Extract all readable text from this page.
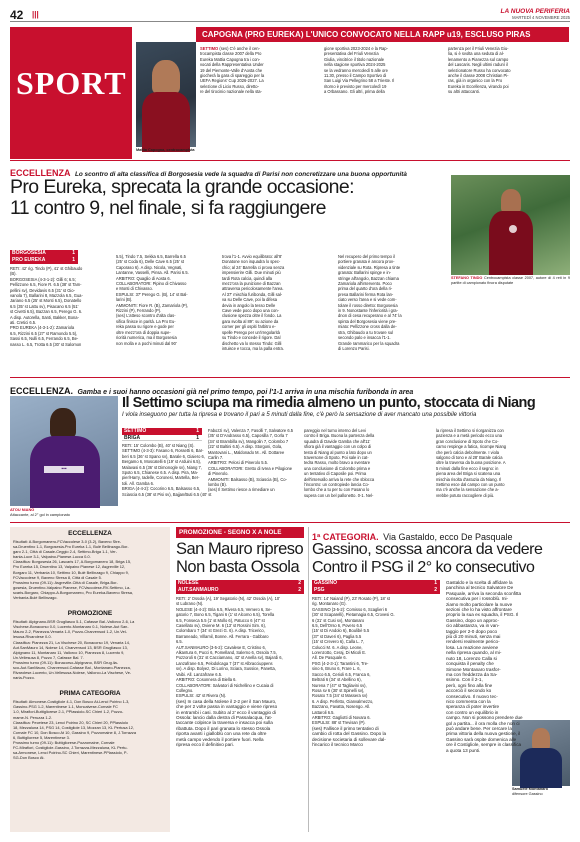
42 |||	LA NUOVA PERIFERIA
MARTEDÌ 4 NOVEMBRE 2025
SPORT
CAPOGNA (PRO EUREKA) L'UNICO CONVOCATO NELLA RAPP u19, ESCLUSO PIRAS
Mattia Capogna, centrocampista
SETTIMO (ses) C'è anche il cen-
trocampista classe 2007 della Pro
Eureka Mattia Capogna tra i con-
vocati della Rappresentativa Under
19 del Piemonte-Valle d'Aosta che
giocherà la gara di spareggio per la
UEFA Regions' Cup 2026-2027. La
selezione di Licio Russo, diretto-
re del tirocinio nazionale nella sta-
gione sportiva 2023-2024 e la Rap-
presentativa del Friuli Venezia
Giulia, vincitrice il titolo nazionale
nella stagione sportiva 2024-2025
se la vedranno mercoledì 5 alle ore
11.30, presso il Campo Sportivo di
San Luigi Via Pellegrino 58 a Trieste. Il
ritorno è previsto per mercoledì 19
a Orbassano. Gli altri, prima della
partenza per il Friuli Venezia Giu-
lia, si è svolta una seduta di al-
lenamento a Pianezza sul campo
del Lascaris. Negli ultimi radunì il
selezionatore Russo ha convocato
anche il classe 2008 Christian Pi-
ras, già in organico con la Pro
Eureka in Eccellenza, virando poi
su altri attaccanti.
ECCELLENZA Lo scontro di alta classifica di Borgosesia vede la squadra di Parisi non concretizzare una buona opportunità
Pro Eureka, sprecata la grande occasione:
11 contro 9, nel finale, si fa raggiungere
STEFANO TINDO Centrocampista classe 2007, autore di 4 reti in 9 partite di campionato finora disputate
BORGOSESIA	1
PRO EUREKA	1
RETI: 42' rig. Tindo (P), 41' st Ghibaudo
(B).
BORGOSESIA (4-3-1-2): Gilli 6; 6.5;
Pellizzone 6.5, Fiore R. 6.5 (38' st Tam-
pellini sv), Devidavis 6.5 (31' st Gio-
vanola 7), Ballarini 8, Mazzola 6.5, Gua-
Jariano 6.5 (25' st Monti 6.5), Donatello
6.5 (35' st Lattu sv), Pisacano 6.5 (51'
st Civetti 6.5), Bazzan 6.5, Perego G. 6.
A disp. Autorella, Santi, Bakker, Bona-
ati. Cretici 6.5.
PRO EUREKA (4-3-1-2): Zamariola
6.5, Rizzini 6.5 (27' st Ramondo 5.5),
Sassi 6.5, Nulli 6.5, Ferrando 6.5, Be-
nasso L. 6.5, Trotta 6.5 (30' st Salomon
5.5), Tindo 7.5, Sekka 6.5, Barrella 6.5
(25' st Coda 6), Delle Cave 6.5 (25' st
Caporaso 6). A disp. Nicola, Vegnati,
Lantanne, Vasselli, Pinsa. All. Parisi 6.5.
ARBITRO: Quaglio di Aosta 6.
COLLABORATORI: Pipino di Chivasso
e Monti di Chivasso.
ESPULSI: 37' Perego G. (B), 14' st Bal-
larini (B).
AMMONITI: Fiore R. (B), Zamariola (P),
Rizzini (P), Ferrando (P).
(ses) L'atteso scontro d'alta clas-
sifica finisce in parità. La Pro Eu-
reka passa su rigore e gode per
oltre mezz'ora di doppia supe-
riorità numerica, ma il Borgosesia
non molla e a pochi minuti dal 90'
trova l'1-1. Avvio equilibrato: all'8'
Donatone non inquadra lo spec-
chio; al 24' Barrella ci prova senza
impensierire Gilli. Due minuti più
tardi Rota calcia, quindi alla
mezz'ora la punizione di Bazzan
attraversa pericolosamente l'area.
Al 37' mischia furibonda, Gilli sal-
va su Delle Cave, poi la difesa
devia in angolo la tesso Delle
Cave vede poco dopo una con-
clusione spezza oltre il fondo. La
gara svolta al 89': su azione da
corner per gli ospiti l'arbitro e-
spelle Perego per un'irregolarità
su Tindo e concede il rigore. Dal
dischetto va lo stesso Tindo: Gilli
intuisce e tocca, ma la palla entra.
Nel recupero del primo tempo il
portiere granata è ancora prov-
videnziale su Rota. Ripresa a tinte
granata: Ballarini spinge e in-
stringe all'angolo, Bazzan chiama
Zamariola all'intervento. Poco
prima del quarto d'ora della ri-
presa Ballarini ferma Rota lan-
ciato verso l'area e si vede com-
tolare il rosso diretto: Borgosesia
in 9. Nonostante l'inferiorità i gra-
dnon di cesa recuperano e al 74' la
spinta del Borgosesia viene pre-
miato: Pellizzone cross dalla de-
stra, Ghibaudo a tu trovare sul
secondo palo e insacca l'1-1.
Grande rammarico per la squadra
di Lorenzo Parisi.
ECCELLENZA. Gamba e i suoi hanno occasioni già nel primo tempo, poi l'1-1 arriva in una mischia furibonda in area
▪▪▪
ATOU NIANG
Attaccante, al 2° gol in campionato
Il Settimo sciupa ma rimedia almeno un punto, stoccata di Niang
I viola inseguono per tutta la ripresa e trovano il pari a 5 minuti dalla fine, c'è però la sensazione di aver mancato una possibile vittoria
SETTIMO	1
BRIGA	1
RETI: 15' Colombo (B), 40' st Niang (S).
SETTIMO (4-3-3): Fasano 6, Rossetti 6, Bar-
beri 6.5 (36' st Spano sv), Barale 6, Giaiero 6,
Bergamo 6, Moscatelli 6 (19' st Arduini 6.5),
Malavasi 6.5 (36' st Dimonogle sv), Niang 7,
Spoto 6.5, Chianese 6.5. A disp. Pira, Ma-
pier/Harry, Iadelle, Coronesi, Martella, Ber-
toli. All. Gamba 6.
BRIGA (4-4-2): Cocorino 6.5, Balsasso 6.5,
Sciascia 6.5 (38' st Pisi sv), Bajjan/Buti 6.5 (40' st
Fabozzi sv), Valenza 7, Fasolli 7, Salvatore 6.5
(35' st D'Andrasso 6.5), Caposilla 7, Gorla 7
(34' st Brambilla sv), Mangolin 7, Colombo 7
(22' st Baltini 6.5). A disp. Storgoni, Gola,
Mantovani L., Maldonado M.. All. Dottaree
Carlin 7.
ARBITRO: Pelosi di Pinerolo 5.5.
COLLABORATORI: Gretto di Ivrea e Pilogione
di Pinerolo.
AMMONITI: Balsasso (B), Sciascia (B), Co-
lombo (B).
(ses) Il Settimo riesce a rimediare un
pareggio nel turno interno del Levi
contro il Briga. Buona la partenza della
squadra di Davide Gamba che all'11'
sfiora già il vantaggio con un colpo di
testa di Niang al punto a lato dopo un
traversone di Spoto. Poi sale in cat-
tedra Rasso, molto bravo a sventare
una conclusione di Colombo prima e
un tentativo di Caposile poi. Prima
dell'intervallo arriva la rete che sblocca
l'incontro: un contropiede lancia Co-
lombo che a tu per tu con Fasano lo
supera con un bel pallonetto. 0-1. Nel-
la ripresa il Settimo si riorganizza con
pazienza e a metà periodo ecco una
gran conclusione di Spoto che Co-
carno respinge a fatica, ricompe Niang
che però calcia debolmente. I viola
salgono di tono e al 28' Barale calcia
oltre la traversa da buona posizione. A
5 minuti dalla fine ecco il segno: in
piena area del Briga si scatena una
mischia risolta d'astuzia da Niang. Il
Settimo esce dal campo con un punto
ma c'è anche la sensazione che a-
vrebbe potuto raccogliere di più.
ECCELLENZA
Risultati: A.Borgomanero-FCVaccolese 3-0 (3-2), Baveno Stre-
sa-Druentino 1-1, Borgosesia-Pro Eureka 1-1, Bulè Bellinzago-Bor-
garo 2-1, Città di Casale-Ceggio 2-4, Settimo-Briga 1-1, Ver-
bania-Luce 3-1, Valpaino-Pianese-Lucca 0-0.
Classifica: Borgosesia 26, Lascaris 17, A.Borgomanero 18, Briga 15,
Pro Eureka 15, Druentino 13, Valpaino Pianese 12, Asgreville 12,
Borgaro 11, Verbania 10, Settimo 10, Bulè Bellinzago 9, Chiappo 9,
FCVaccolese 9, Baveno Stresa 8, Città di Casale 5.
Prossimo turno (09-11): Asgreville-Città di Casale, Briga-Bor-
gosesia, Druentino-Valpaino Pianese, FCVaccolese-RV-Settimo, La-
scaris-Borgaro, Chiappo-A.Borgomanero, Pro Eureka-Baveno Stresa,
Verbania-Bulè Bellinzago.
PROMOZIONE
Risultati: Alpignano-BSR Grugliasco 5-1, Cafasse Bal.-Vallorco 2-6, La
Vischese-Bonacorso 0-0, Lucento-Montanaro 0-1, Nolese-Aut San-
Mauro 2-2, Pianezza-Venaria 1-0, Pozzo-Charvensod 1-2, Un.Vel-
lesusa-Rivarolese 0-0.
Classifica: Pianezza 21, La Vischese 20, Bonacorso 19, Venaria 14,
Aut.SanMauro 14, Nolese 14, Charvensod 13, BSR Grugliasco 13,
Alpignano 11, Montanaro 11, Vallorco 10, Pianezza 8, Lucento 9,
Un.Vellesusa 8, Pozzo 7, Cafasse Bal. 7.
Prossimo turno (09-11): Bonacorso-Alpignano, BSR Grug.lia-
sco-Aut.SanMauro, Charvensod-Cafasse Bal., Montanaro-Pianezza,
Rivarolese-Lucento, Un.Vellesusa-Nolese, Vallorco-La Vischese, Ve-
naria-Pozzo.
PRIMA CATEGORIA
Risultati: Almonese-Costigliole 4-1, Don Bosco At-Lenci Poirino 1-3,
Gassino-PSG 1-2, Marentinese 1-1, Moncalvese-Cornale FC
1-0, Mirafiori-Buttigliorese 2-1, PPlassiolo-SC Chieri 1-2, Pozzo-
mame-N. Peruzza 1-2.
Classifica: Pecetese 23, Lenci Poirino 20, SC Chieri 20, PPlassiolo
18, Mezzaluna 14, PSG 14, Costigliole 13, Mozzan 13, KL Pertusa 12,
Cornale FC 10, Don Bosco At 10, Gassino 9, Pozzomaine 8, J.Torrazza
6, Buttigliorese 5, Marentinese 3.
Prossimo turno (09-11): Buttigliorese-Pozzomaine, Cornale
FC-Mirafiori, Costigliole-Gassino, J.Torrazza-Mezzaluna, KL Pertu-
sa-Armonese, Lenci Poirino-SC Chieri, Marentinese-PPlassiolo, P-
SG-Don Bosco At.
PROMOZIONE - SEGNO X A NOLE
San Mauro ripreso
Non basta Ossola
NOLESE	2
AUT.SANMAURO	2
RETI: 2' Ossola (A), 19' Segatorio (N), 42' Ossola (A), 10'
st Lubrano (N).
NOLESE (4-4-2): Bria 6.5, Rivera 6.5, Vemero 6, Se-
gatorio 7, Bono 6.5, Tigani 6 (1' st Alcomo 6.5), Torella
6.5, Fonseca 5.5 (1' st Mollo 6), Patucco 6 (47' st
Casellato sv), Oviene M. 6 (13' st Rossini Sim. 6),
Colombaro 7 (34' st Grezi G. 6). A disp. Tricerico,
Barraneado, Villamil, Bonne. All. Ferrara - Gabbaro
6.5.
AUT.SANMAURO (3-5-2): Cavalese E, Cristino 6,
Alkantura 6, Pucci 6, Pomelland, Salerno 6, Ossola 7.5,
Pozzoroli 6 (31' st Cacciamano, 42' st Anella sv), Bajardi 6,
Lanzafrane 6.5, Pelodolcaga 7 (37' st Albracciuppens
sv). A disp. Bolyez, Di Lorino, Sciara, Sussice, Panetta,
Vaibi. All. Lanzafrane 6.5.
ARBITRO: Cosonnera di Biella 6.
COLLABORATORI: Salvatori di Nichellino e Cucaia di
Collegno.
ESPULSI: 42' st Rivera (N).
(ses) In casa della Nolese il 2-2 per il San Mauro,
che per 2 volte passa in vantaggio e viene ripreso
in entrambi i casi. Subito al 2' ecco il vantaggio di
Ossola: lancio dalla destra di Passalacqua, l'at-
taccante colpisce la traversa e insacca poi sulla
ribattuta. Dopo il pari granata lo stesso Ossola
riporta avanti i gialloblù con una rete da oltre
metà campo vedendo il portiere fuori. Nella
ripresa ecco il definitivo pari.
1ª CATEGORIA. Via Gastaldo, ecco De Pasquale
Gassino, scossa ancora da vedere
Contro il PSG il 2° ko consecutivo
GASSINO	1
PSG	2
RETI: 14' Naiand (P), 23' Rosato (P), 18' st
rig. Montanaro (G).
GASSINO (3-5-2): Comisso 6, Scaglieri 6
(30' st Scaparelli), Pietamagia 6.5, Crovesi G.
6 (31' st Cusi sv), Montanaro
6.5, Dell'Orso 6, Povero 6.5
(15' st Di Andolo 6), Boulibè 5.5
(37' st Daveri 6), Paglia 5.5
(15' st Crevero 6), Calla L. 7,
Colucci M. 6. A disp. Leone,
Lorenzotto, Ceraj, Di Micoli E.
All. De Pasquale 6.
PSG (4-2-3-1): Tarantini 6, Tre-
sino 6, Bruno 6, Frare L. 6,
Sacco 6.5, Cerioli 6.5, Franca 6,
Beltrati 6 (34' st Abellino 6),
Nurena 7 (47' st Tagliavini sv),
Rosa sv 6 (30' st Spinelli sv),
Rosato 7.5 (34' st Massera sv)
6. A disp. Perfetto, Gianvalmezzo,
Bazzano, Favatta, Nosengo. All.
Lattaroli 6.5.
ARBITRO: Gagliotti di Novara 6.
ESPULSI: 88' st Trevisan (P).
(ses) Fallisce il primo tentativo di
cambio di rotta del Gassino. Dopo la
decisione societaria di sollevare dal-
l'incarico il tecnico Marco
Samuele Montanaro
difensore Gassino
Gastaldo e la scelta di affidare la
panchina al tecnico Salvatore De
Pasquale, arriva la seconda sconfitta
consecutiva per i rossoblù. Ini-
ziamo molto particolare la nuove
sezioni che lo ha visto affrontare
proprio la sua ex squadra, il PSG. Il
Gassino, dopo un approc-
cio abbastanza, va in van-
taggio per 2-0 dopo poco
più di 20 minuti, senza mai
rendersi realmente perico-
losa. La reazione avviene
nella ripresa quando, al mi-
nuto 18, Lorenzo Calla si
conquista il penalty che
Simone Montanaro trasfor-
ma con freddezza da Sa-
ssinno. Con il 2-1,
però, ogni fino alla fine
accorciò il secondo ko
consecutivo. Il nuovo tec-
nico commenta con la
speranza di poter invertire
con contro un equilibrio in
campo. Non si possono prendere due
gol a partita... il ora molla che non ci
può andare bene. Per cercare la
prima vittoria della nuova gestione, il
Gassino sarà ospite domenica alle
ore il Costigliole, sempre in classifica
a quota 13 punti.
